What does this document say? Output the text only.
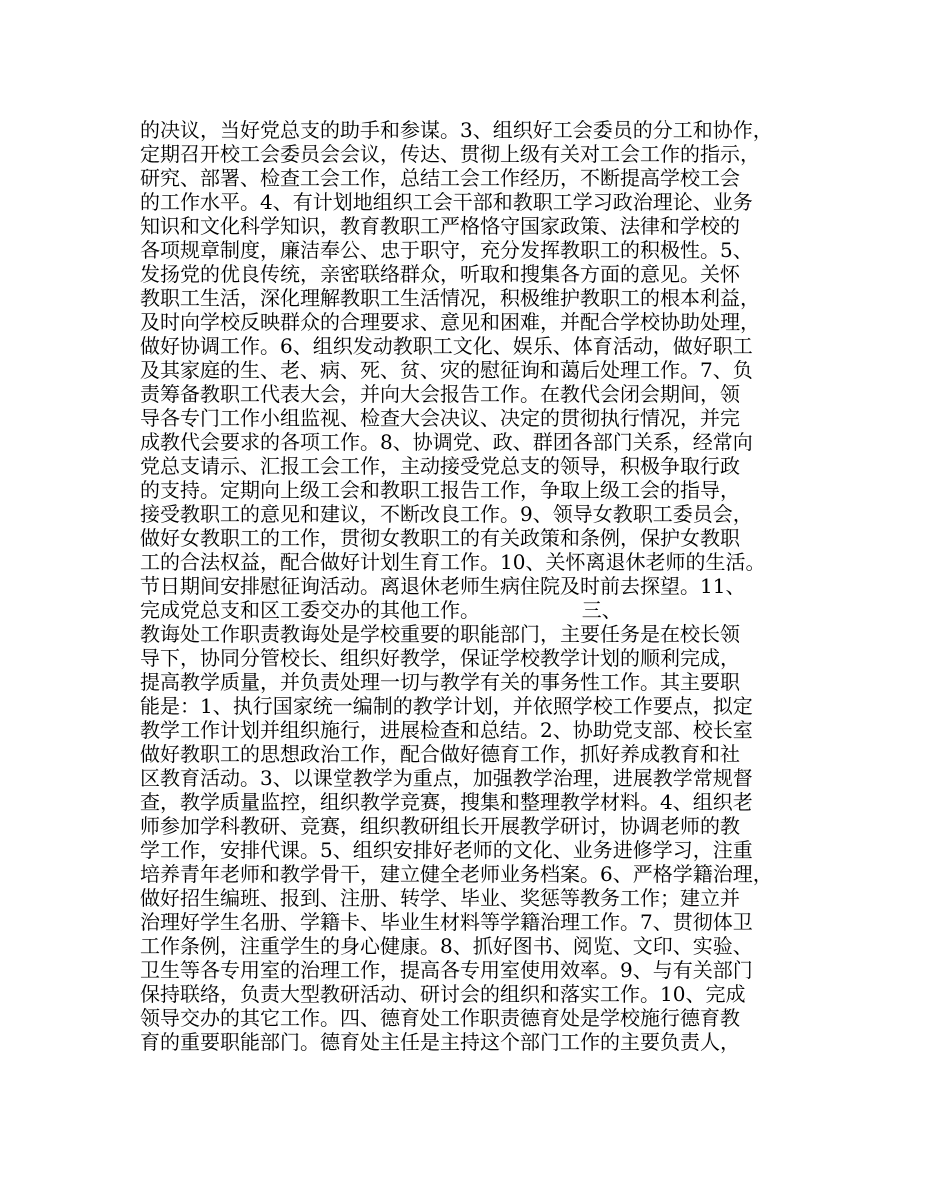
的决议，当好党总支的助手和参谋。3、组织好工会委员的分工和协作，
定期召开校工会委员会会议，传达、贯彻上级有关对工会工作的指示，
研究、部署、检查工会工作，总结工会工作经历，不断提高学校工会
的工作水平。4、有计划地组织工会干部和教职工学习政治理论、业务
知识和文化科学知识，教育教职工严格恪守国家政策、法律和学校的
各项规章制度，廉洁奉公、忠于职守，充分发挥教职工的积极性。5、
发扬党的优良传统，亲密联络群众，听取和搜集各方面的意见。关怀
教职工生活，深化理解教职工生活情况，积极维护教职工的根本利益，
及时向学校反映群众的合理要求、意见和困难，并配合学校协助处理，
做好协调工作。6、组织发动教职工文化、娱乐、体育活动，做好职工
及其家庭的生、老、病、死、贫、灾的慰征询和蔼后处理工作。7、负
责筹备教职工代表大会，并向大会报告工作。在教代会闭会期间，领
导各专门工作小组监视、检查大会决议、决定的贯彻执行情况，并完
成教代会要求的各项工作。8、协调党、政、群团各部门关系，经常向
党总支请示、汇报工会工作，主动接受党总支的领导，积极争取行政
的支持。定期向上级工会和教职工报告工作，争取上级工会的指导，
接受教职工的意见和建议，不断改良工作。9、领导女教职工委员会，
做好女教职工的工作，贯彻女教职工的有关政策和条例，保护女教职
工的合法权益，配合做好计划生育工作。10、关怀离退休老师的生活。
节日期间安排慰征询活动。离退休老师生病住院及时前去探望。11、
完成党总支和区工委交办的其他工作。                三、
教诲处工作职责教诲处是学校重要的职能部门，主要任务是在校长领
导下，协同分管校长、组织好教学，保证学校教学计划的顺利完成，
提高教学质量，并负责处理一切与教学有关的事务性工作。其主要职
能是：1、执行国家统一编制的教学计划，并依照学校工作要点，拟定
教学工作计划并组织施行，进展检查和总结。2、协助党支部、校长室
做好教职工的思想政治工作，配合做好德育工作，抓好养成教育和社
区教育活动。3、以课堂教学为重点，加强教学治理，进展教学常规督
查，教学质量监控，组织教学竞赛，搜集和整理教学材料。4、组织老
师参加学科教研、竞赛，组织教研组长开展教学研讨，协调老师的教
学工作，安排代课。5、组织安排好老师的文化、业务进修学习，注重
培养青年老师和教学骨干，建立健全老师业务档案。6、严格学籍治理，
做好招生编班、报到、注册、转学、毕业、奖惩等教务工作；建立并
治理好学生名册、学籍卡、毕业生材料等学籍治理工作。7、贯彻体卫
工作条例，注重学生的身心健康。8、抓好图书、阅览、文印、实验、
卫生等各专用室的治理工作，提高各专用室使用效率。9、与有关部门
保持联络，负责大型教研活动、研讨会的组织和落实工作。10、完成
领导交办的其它工作。四、德育处工作职责德育处是学校施行德育教
育的重要职能部门。德育处主任是主持这个部门工作的主要负责人，
